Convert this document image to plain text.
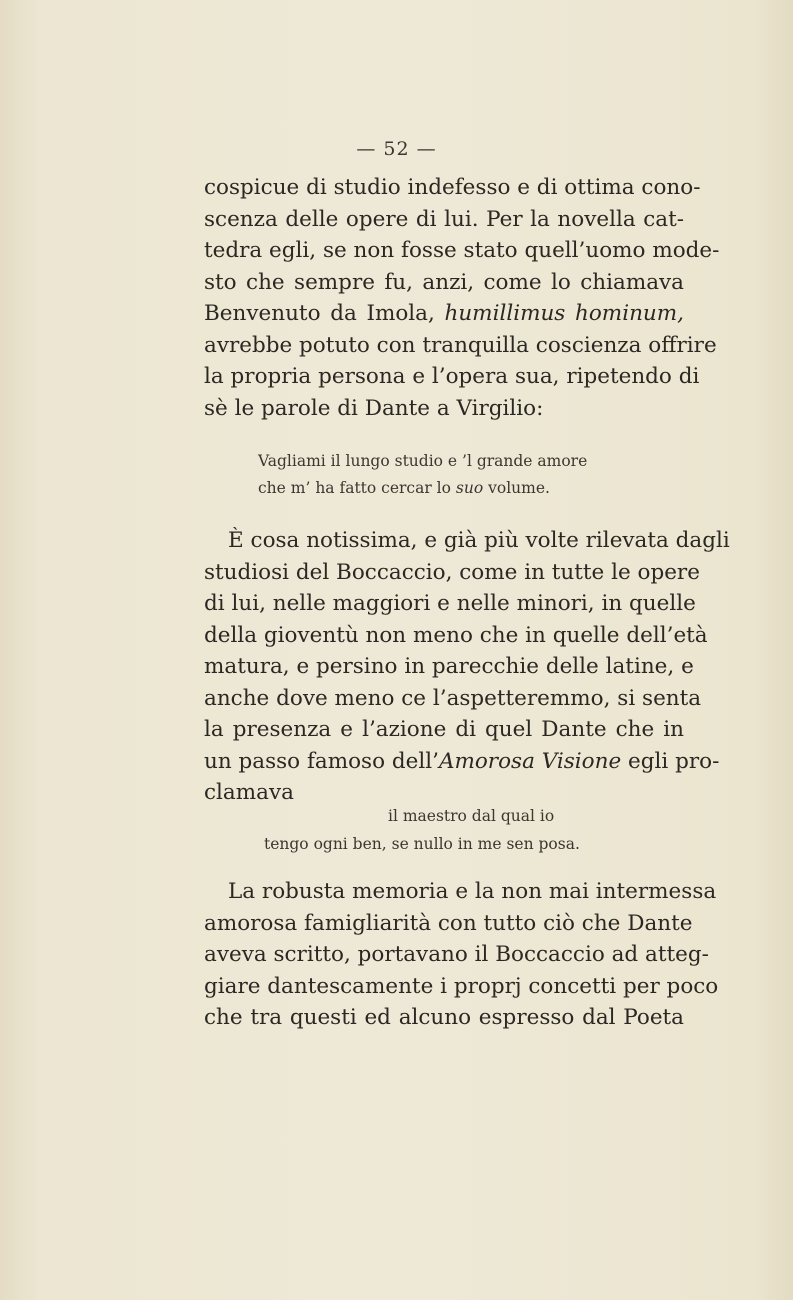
— 52 —

cospicue di studio indefesso e di ottima cono-
scenza delle opere di lui. Per la novella cat-
tedra egli, se non fosse stato quell’uomo mode-
sto che sempre fu, anzi, come lo chiamava
Benvenuto da Imola, humillimus hominum,
avrebbe potuto con tranquilla coscienza offrire
la propria persona e l’opera sua, ripetendo di
sè le parole di Dante a Virgilio:

Vagliami il lungo studio e ’l grande amore
che m’ ha fatto cercar lo suo volume.

È cosa notissima, e già più volte rilevata dagli
studiosi del Boccaccio, come in tutte le opere
di lui, nelle maggiori e nelle minori, in quelle
della gioventù non meno che in quelle dell’età
matura, e persino in parecchie delle latine, e
anche dove meno ce l’aspetteremmo, si senta
la presenza e l’azione di quel Dante che in
un passo famoso dell’Amorosa Visione egli pro-
clamava

il maestro dal qual io
tengo ogni ben, se nullo in me sen posa.

La robusta memoria e la non mai intermessa
amorosa famigliarità con tutto ciò che Dante
aveva scritto, portavano il Boccaccio ad atteg-
giare dantescamente i proprj concetti per poco
che tra questi ed alcuno espresso dal Poeta
